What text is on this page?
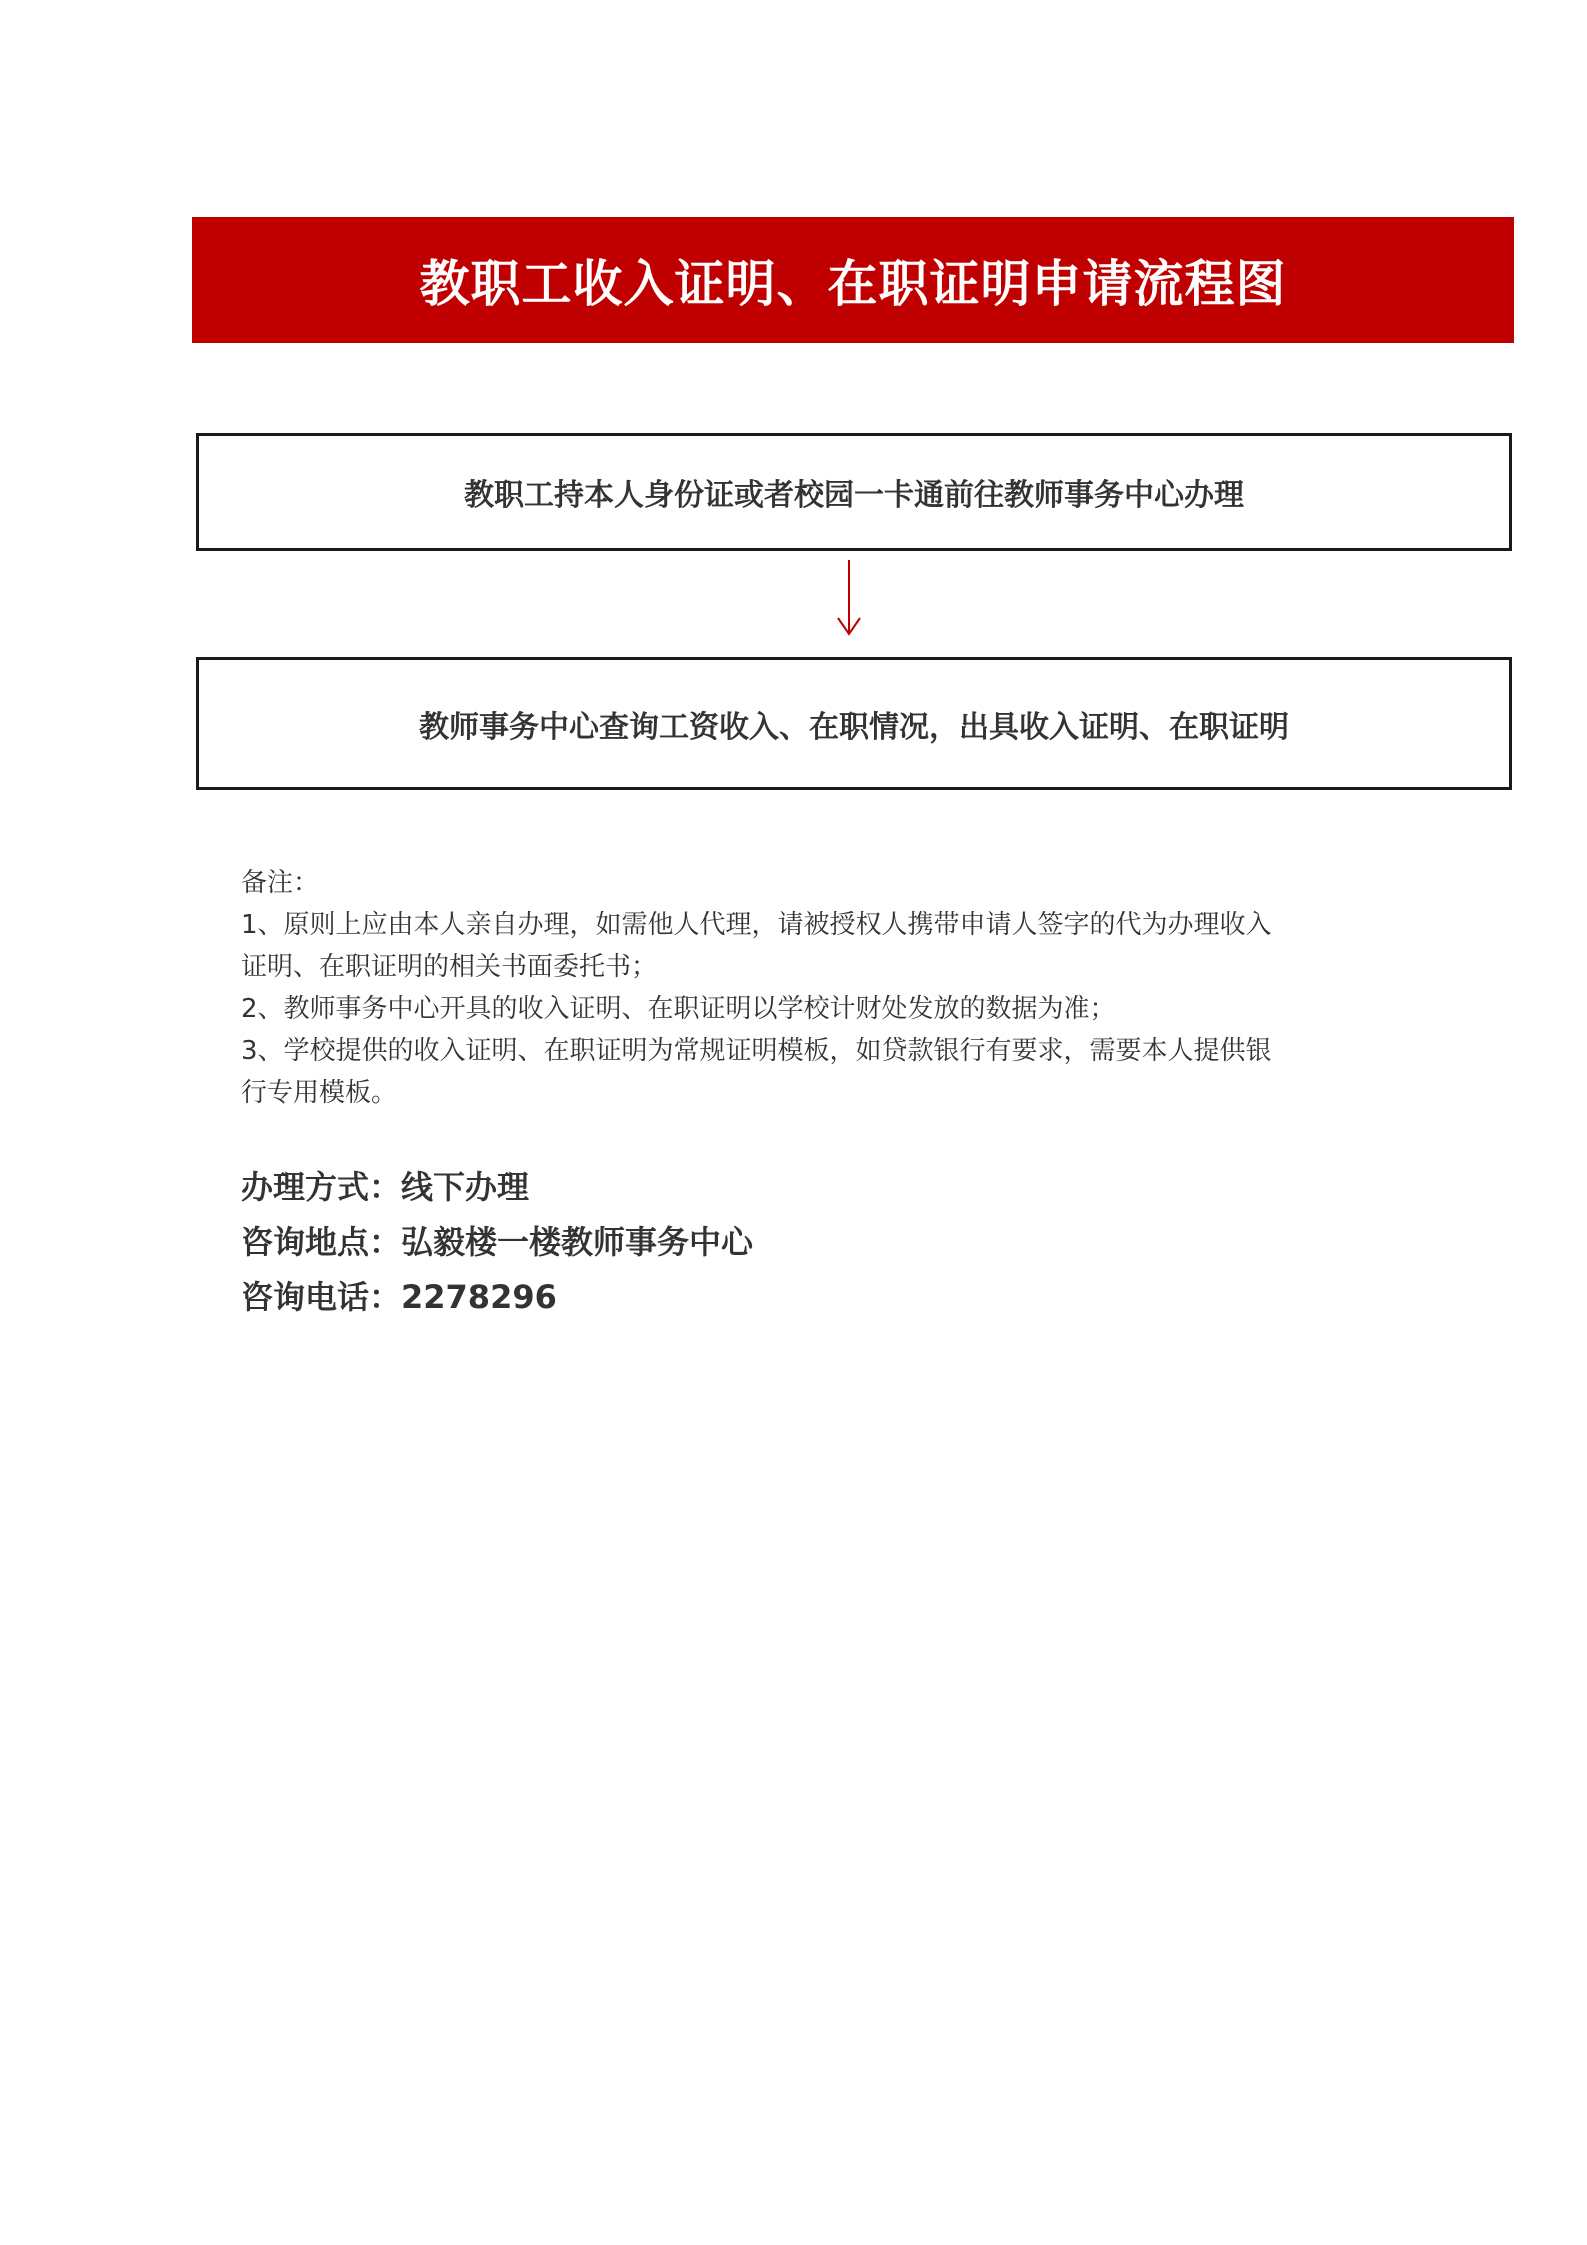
教职工收入证明、在职证明申请流程图
教职工持本人身份证或者校园一卡通前往教师事务中心办理
教师事务中心查询工资收入、在职情况，出具收入证明、在职证明

备注：

1、原则上应由本人亲自办理，如需他人代理，请被授权人携带申请人签字的代为办理收入

证明、在职证明的相关书面委托书；

2、教师事务中心开具的收入证明、在职证明以学校计财处发放的数据为准；

3、学校提供的收入证明、在职证明为常规证明模板，如贷款银行有要求，需要本人提供银

行专用模板。

办理方式：线下办理
咨询地点：弘毅楼一楼教师事务中心
咨询电话：2278296
